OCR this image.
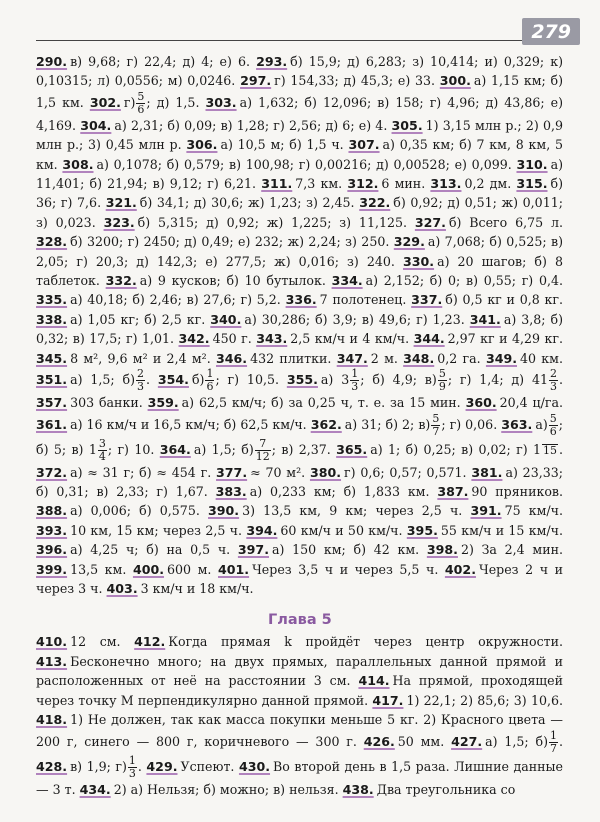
279
290. в) 9,68; г) 22,4; д) 4; е) 6. 293. б) 15,9; д) 6,283; з) 10,414; и) 0,329; к) 0,10315; л) 0,0556; м) 0,0246. 297. г) 154,33; д) 45,3; е) 33. 300. а) 1,15 км; б) 1,5 км. 302. $г) \frac{5}{6}$ ; д) 1,5. 303. а) 1,632; б) 12,096; в) 158; г) 4,96; д) 43,86; е) 4,169. 304. а) 2,31; б) 0,09; в) 1,28; г) 2,56; д) 6; е) 4. 305. 1) 3,15 млн р.; 2) 0,9 млн р.; 3) 0,45 млн р. 306. а) 10,5 м; б) 1,5 ч. 307. а) 0,35 км; б) 7 км, 8 км, 5 км. 308. а) 0,1078; б) 0,579; в) 100,98; г) 0,00216; д) 0,00528; е) 0,099. 310. а) 11,401; б) 21,94; в) 9,12; г) 6,21. 311. 7,3 км. 312. 6 мин. 313. 0,2 дм. 315. б) 36; г) 7,6. 321. б) 34,1; д) 30,6; ж) 1,23; з) 2,45. 322. б) 0,92; д) 0,51; ж) 0,011; з) 0,023. 323. б) 5,315; д) 0,92; ж) 1,225; з) 11,125. 327. б) Всего 6,75 л. 328. б) 3200; г) 2450; д) 0,49; е) 232; ж) 2,24; з) 250. 329. а) 7,068; б) 0,525; в) 2,05; г) 20,3; д) 142,3; е) 277,5; ж) 0,016; з) 240. 330. а) 20 шагов; б) 8 таблеток. 332. а) 9 кусков; б) 10 бутылок. 334. а) 2,152; б) 0; в) 0,55; г) 0,4. 335. а) 40,18; б) 2,46; в) 27,6; г) 5,2. 336. 7 полотенец. 337. б) 0,5 кг и 0,8 кг. 338. а) 1,05 кг; б) 2,5 кг. 340. а) 30,286; б) 3,9; в) 49,6; г) 1,23. 341. а) 3,8; б) 0,32; в) 17,5; г) 1,01. 342. 450 г. 343. 2,5 км/ч и 4 км/ч. 344. 2,97 кг и 4,29 кг. 345. 8 м², 9,6 м² и 2,4 м². 346. 432 плитки. 347. 2 м. 348. 0,2 га. 349. 40 км. 351. а) 1,5; $б) \frac{2}{3}$ . 354. $б) \frac{1}{6}$ ; г) 10,5. 355. а) $3 \frac{1}{3}$ ; б) 4,9; $в) \frac{5}{9}$ ; г) 1,4; д) $41 \frac{2}{3}$ . 357. 303 банки. 359. а) 62,5 км/ч; б) за 0,25 ч, т. е. за 15 мин. 360. 20,4 ц/га. 361. а) 16 км/ч и 16,5 км/ч; б) 62,5 км/ч. 362. а) 31; б) 2; $в) \frac{5}{7}$ ; г) 0,06. 363. $а) \frac{5}{6}$ ; б) 5; в) $1 \frac{3}{4}$ ; г) 10. 364. а) 1,5; $б) \frac{7}{12}$ ; в) 2,37. 365. а) 1; б) 0,25; в) 0,02; г) 1 15 . 372. а) ≈ 31 г; б) ≈ 454 г. 377. ≈ 70 м². 380. г) 0,6; 0,57; 0,571. 381. а) 23,33; б) 0,31; в) 2,33; г) 1,67. 383. а) 0,233 км; б) 1,833 км. 387. 90 пряников. 388. а) 0,006; б) 0,575. 390. 3) 13,5 км, 9 км; через 2,5 ч. 391. 75 км/ч. 393. 10 км, 15 км; через 2,5 ч. 394. 60 км/ч и 50 км/ч. 395. 55 км/ч и 15 км/ч. 396. а) 4,25 ч; б) на 0,5 ч. 397. а) 150 км; б) 42 км. 398. 2) За 2,4 мин. 399. 13,5 км. 400. 600 м. 401. Через 3,5 ч и через 5,5 ч. 402. Через 2 ч и через 3 ч. 403. 3 км/ч и 18 км/ч.
Глава 5
410. 12 см. 412. Когда прямая k пройдёт через центр окружности. 413. Бесконечно много; на двух прямых, параллельных данной прямой и расположенных от неё на расстоянии 3 см. 414. На прямой, проходящей через точку M перпендикулярно данной прямой. 417. 1) 22,1; 2) 85,6; 3) 10,6. 418. 1) Не должен, так как масса покупки меньше 5 кг. 2) Красного цвета — 200 г, синего — 800 г, коричневого — 300 г. 426. 50 мм. 427. а) 1,5; $б) \frac{1}{7}$ . 428. в) 1,9; $г) \frac{1}{3}$ . 429. Успеют. 430. Во второй день в 1,5 раза. Лишние данные — 3 т. 434. 2) а) Нельзя; б) можно; в) нельзя. 438. Два треугольника со
